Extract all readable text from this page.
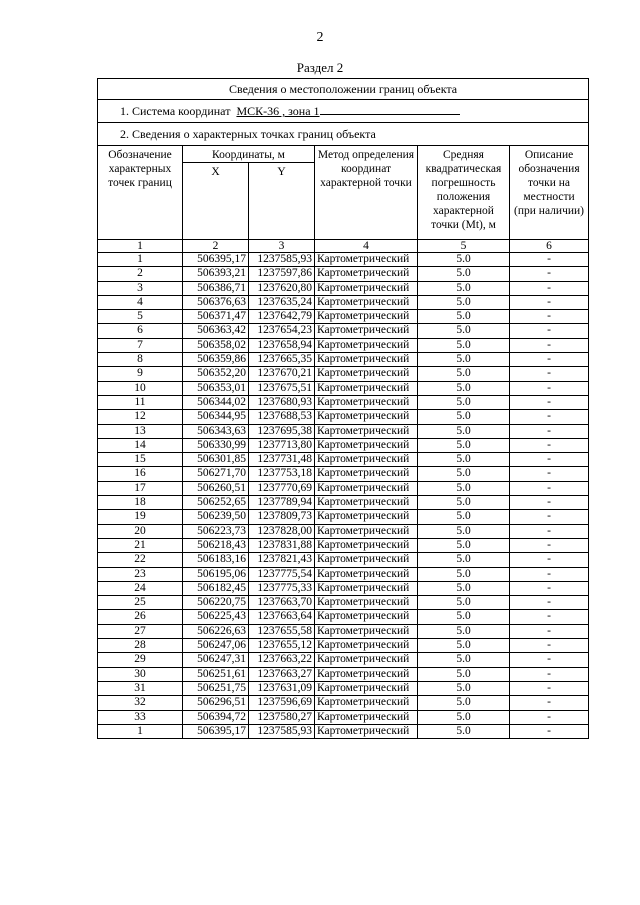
2
Раздел 2
Сведения о местоположении границ объекта					
1. Система координат МСК-36 , зона 1					
2. Сведения о характерных точках границ объекта					
Обозначение характерных точек границ	Координаты, м		Метод определения координат характерной точки	Средняя квадратическая погрешность положения характерной точки (Mt), м	Описание обозначения точки на местности (при наличии)
	X	Y			
1	2	3	4	5	6
1	506395,17	1237585,93	Картометрический	5.0	-
2	506393,21	1237597,86	Картометрический	5.0	-
3	506386,71	1237620,80	Картометрический	5.0	-
4	506376,63	1237635,24	Картометрический	5.0	-
5	506371,47	1237642,79	Картометрический	5.0	-
6	506363,42	1237654,23	Картометрический	5.0	-
7	506358,02	1237658,94	Картометрический	5.0	-
8	506359,86	1237665,35	Картометрический	5.0	-
9	506352,20	1237670,21	Картометрический	5.0	-
10	506353,01	1237675,51	Картометрический	5.0	-
11	506344,02	1237680,93	Картометрический	5.0	-
12	506344,95	1237688,53	Картометрический	5.0	-
13	506343,63	1237695,38	Картометрический	5.0	-
14	506330,99	1237713,80	Картометрический	5.0	-
15	506301,85	1237731,48	Картометрический	5.0	-
16	506271,70	1237753,18	Картометрический	5.0	-
17	506260,51	1237770,69	Картометрический	5.0	-
18	506252,65	1237789,94	Картометрический	5.0	-
19	506239,50	1237809,73	Картометрический	5.0	-
20	506223,73	1237828,00	Картометрический	5.0	-
21	506218,43	1237831,88	Картометрический	5.0	-
22	506183,16	1237821,43	Картометрический	5.0	-
23	506195,06	1237775,54	Картометрический	5.0	-
24	506182,45	1237775,33	Картометрический	5.0	-
25	506220,75	1237663,70	Картометрический	5.0	-
26	506225,43	1237663,64	Картометрический	5.0	-
27	506226,63	1237655,58	Картометрический	5.0	-
28	506247,06	1237655,12	Картометрический	5.0	-
29	506247,31	1237663,22	Картометрический	5.0	-
30	506251,61	1237663,27	Картометрический	5.0	-
31	506251,75	1237631,09	Картометрический	5.0	-
32	506296,51	1237596,69	Картометрический	5.0	-
33	506394,72	1237580,27	Картометрический	5.0	-
1	506395,17	1237585,93	Картометрический	5.0	-
